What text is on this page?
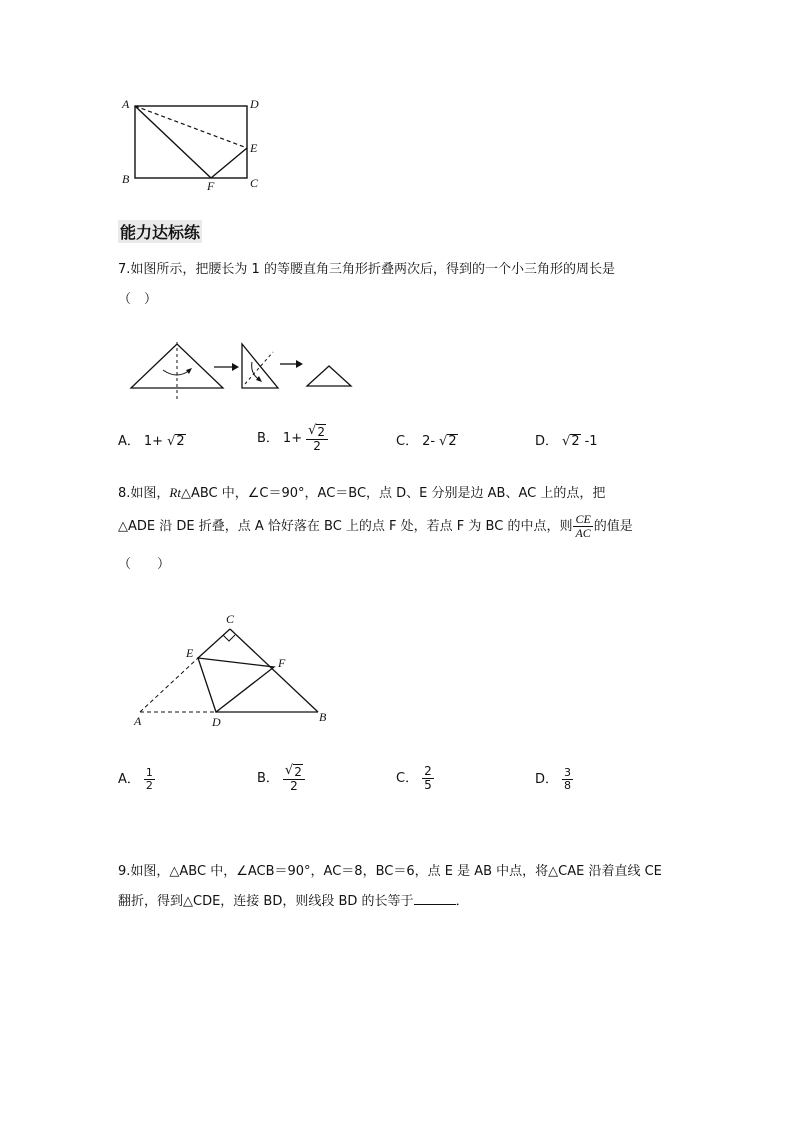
A	D
E
B	F	C
能力达标练
7.如图所示，把腰长为 1 的等腰直角三角形折叠两次后，得到的一个小三角形的周长是
（　）
A． 1+ √ 2	B． $1+ \frac{√ 2}{2}$	C． 2- √ 2	D． √ 2 -1
8.如图，Rt△ABC 中，∠C＝90°，AC＝BC，点 D、E 分别是边 AB、AC 上的点，把
△ADE 沿 DE 折叠，点 A 恰好落在 BC 上的点 F 处，若点 F 为 BC 的中点，则 $\frac{CE}{AC}$ 的值是
（　　）
C
E
F
A	D	B
A． $\frac{1}{2}$	B． $\frac{√ 2}{2}$	C． $\frac{2}{5}$	D． $\frac{3}{8}$
9.如图，△ABC 中，∠ACB＝90°，AC＝8，BC＝6，点 E 是 AB 中点，将△CAE 沿着直线 CE
翻折，得到△CDE，连接 BD，则线段 BD 的长等于	．
